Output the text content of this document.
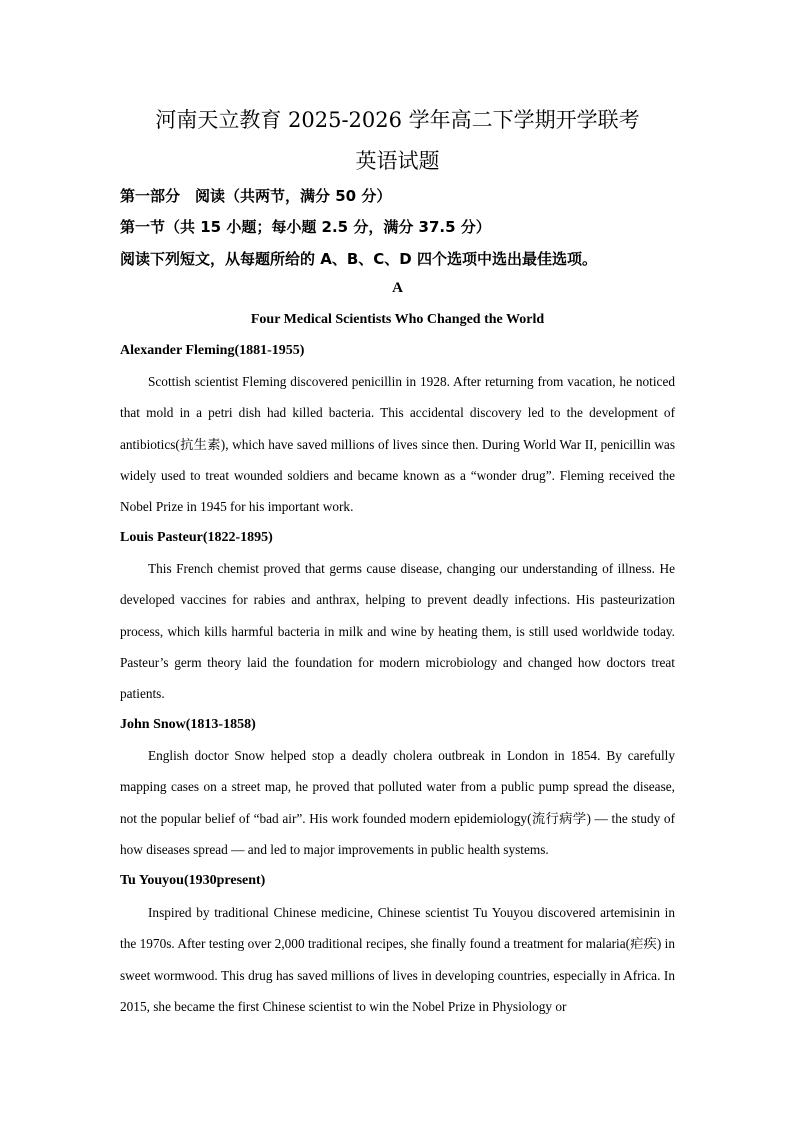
河南天立教育 2025-2026 学年高二下学期开学联考
英语试题
第一部分　阅读（共两节，满分 50 分）
第一节（共 15 小题；每小题 2.5 分，满分 37.5 分）
阅读下列短文，从每题所给的 A、B、C、D 四个选项中选出最佳选项。
A
Four Medical Scientists Who Changed the World
Alexander Fleming(1881-1955)

Scottish scientist Fleming discovered penicillin in 1928. After returning from vacation, he noticed that mold in a petri dish had killed bacteria. This accidental discovery led to the development of antibiotics(抗生素), which have saved millions of lives since then. During World War II, penicillin was widely used to treat wounded soldiers and became known as a “wonder drug”. Fleming received the Nobel Prize in 1945 for his important work.

Louis Pasteur(1822-1895)

This French chemist proved that germs cause disease, changing our understanding of illness. He developed vaccines for rabies and anthrax, helping to prevent deadly infections. His pasteurization process, which kills harmful bacteria in milk and wine by heating them, is still used worldwide today. Pasteur’s germ theory laid the foundation for modern microbiology and changed how doctors treat patients.

John Snow(1813-1858)

English doctor Snow helped stop a deadly cholera outbreak in London in 1854. By carefully mapping cases on a street map, he proved that polluted water from a public pump spread the disease, not the popular belief of “bad air”. His work founded modern epidemiology(流行病学) — the study of how diseases spread — and led to major improvements in public health systems.

Tu Youyou(1930present)

Inspired by traditional Chinese medicine, Chinese scientist Tu Youyou discovered artemisinin in the 1970s. After testing over 2,000 traditional recipes, she finally found a treatment for malaria(疟疾) in sweet wormwood. This drug has saved millions of lives in developing countries, especially in Africa. In 2015, she became the first Chinese scientist to win the Nobel Prize in Physiology or
